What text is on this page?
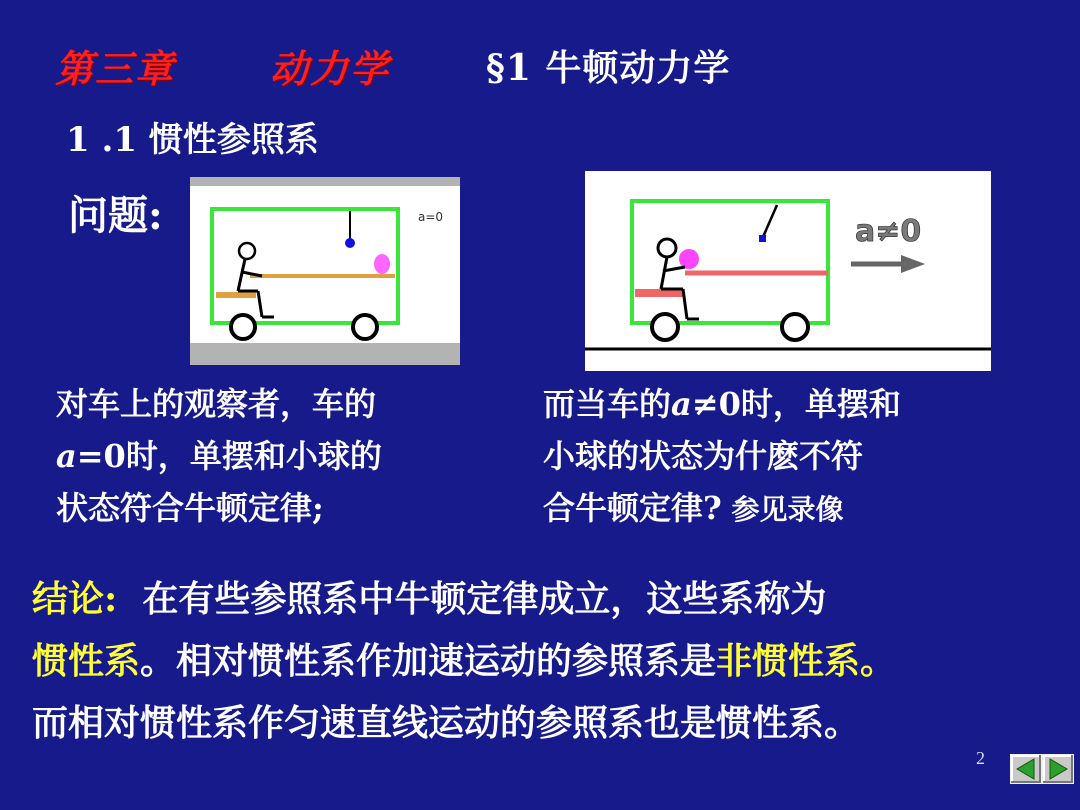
第三章 动力学	§1 牛顿动力学
1 .1 惯性参照系
问题:	a=0	a≠0
对车上的观察者，车的
a=0时，单摆和小球的
状态符合牛顿定律;
而当车的a≠0时，单摆和
小球的状态为什麽不符
合牛顿定律? 参见录像
结论:  在有些参照系中牛顿定律成立，这些系称为
惯性系。相对惯性系作加速运动的参照系是非惯性系。
而相对惯性系作匀速直线运动的参照系也是惯性系。
2
